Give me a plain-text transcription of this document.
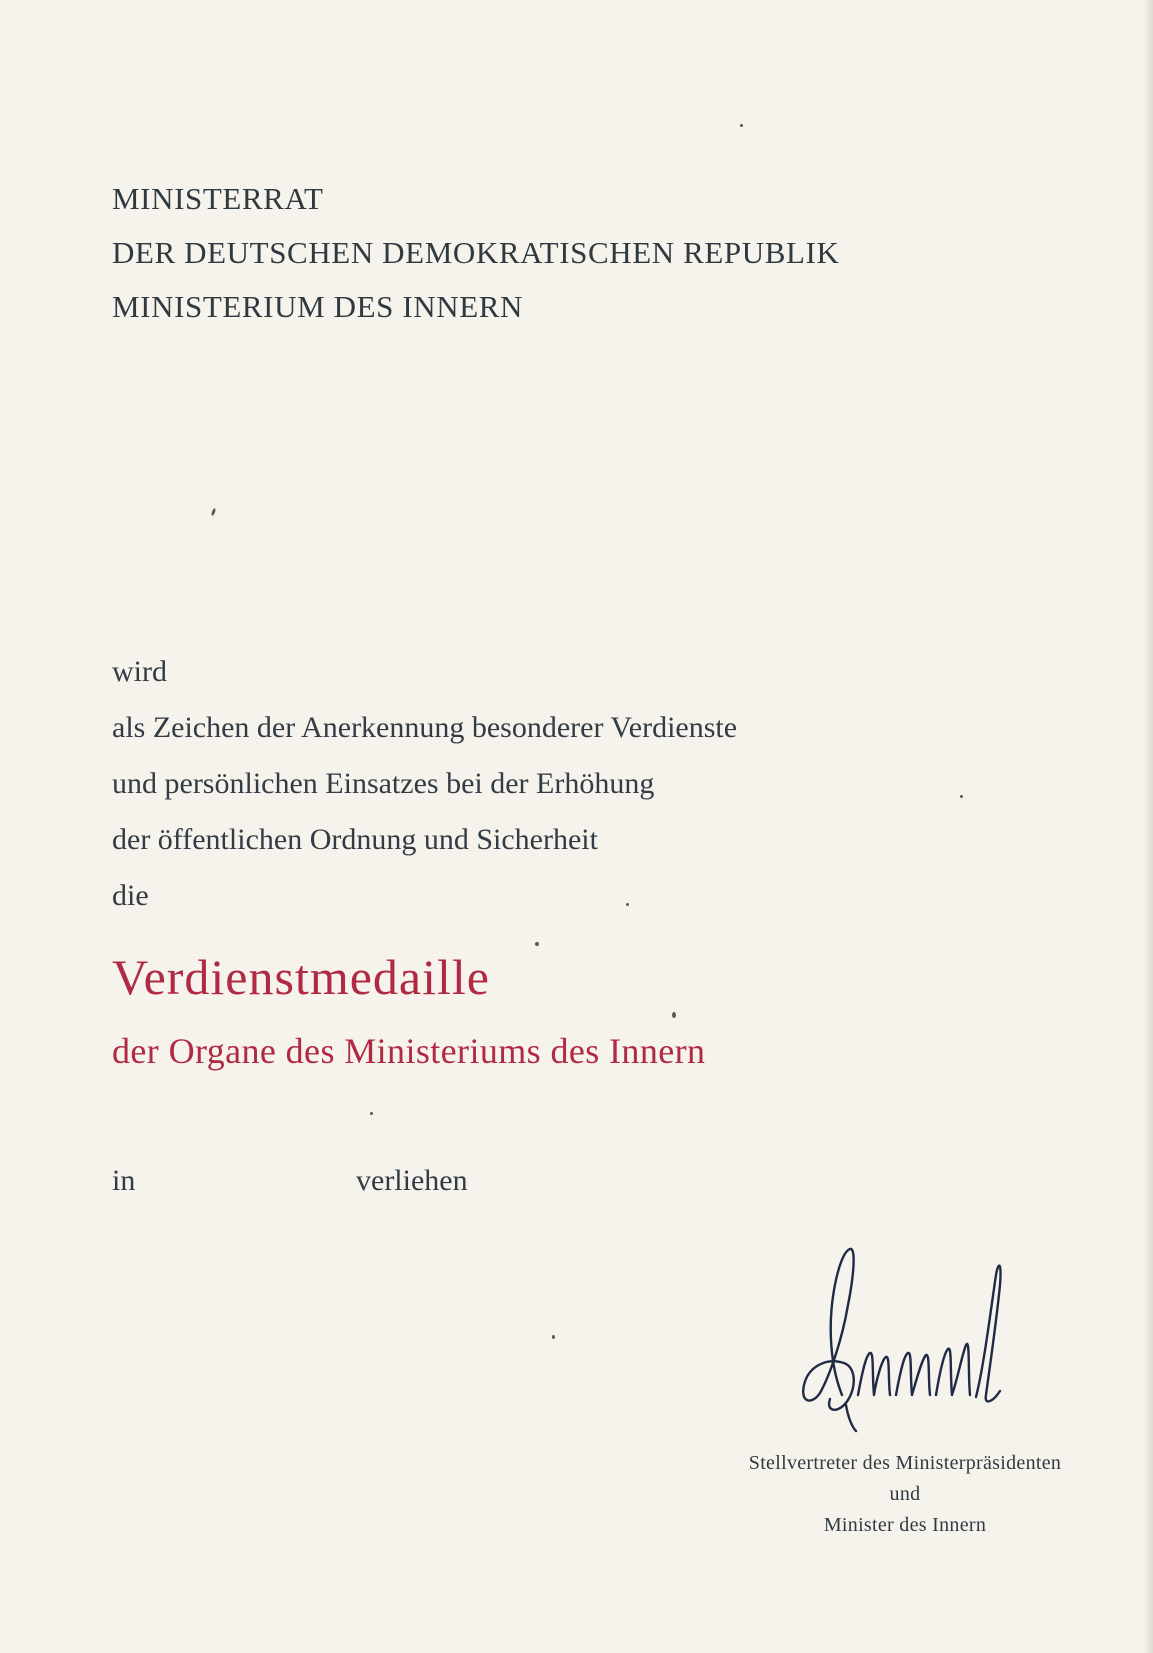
MINISTERRAT
DER DEUTSCHEN DEMOKRATISCHEN REPUBLIK
MINISTERIUM DES INNERN
wird
als Zeichen der Anerkennung besonderer Verdienste
und persönlichen Einsatzes bei der Erhöhung
der öffentlichen Ordnung und Sicherheit
die
Verdienstmedaille
der Organe des Ministeriums des Innern
in	verliehen
Stellvertreter des Ministerpräsidenten
und
Minister des Innern
